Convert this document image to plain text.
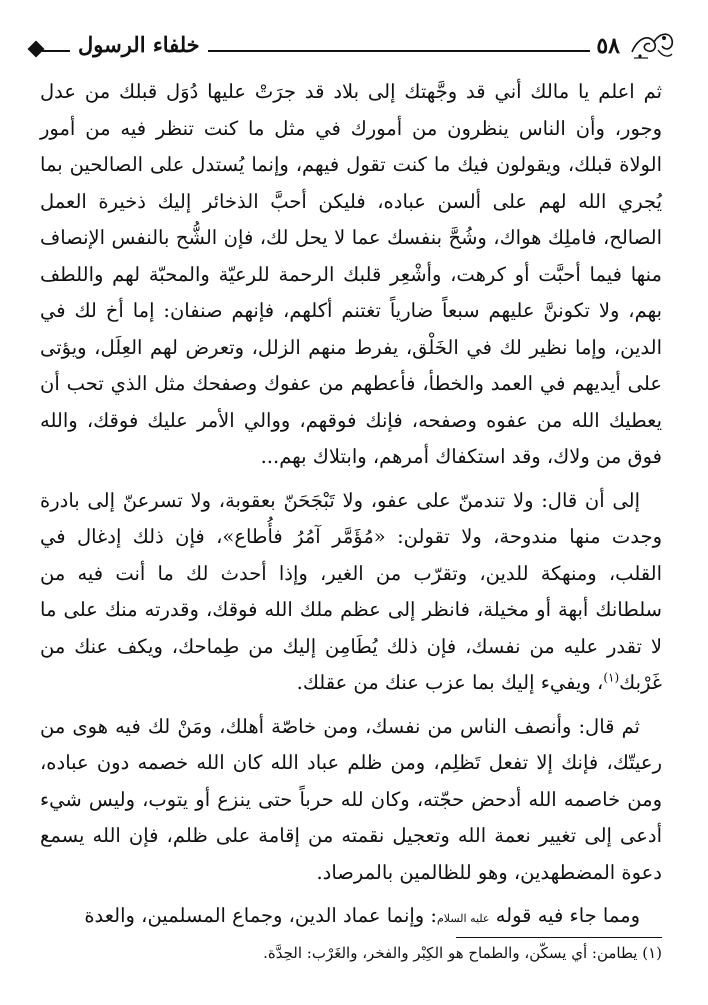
خلفاء الرسول	٥٨

ثم اعلم يا مالك أني قد وجَّهتك إلى بلاد قد جرَتْ عليها دُوَل قبلك من عدل وجور، وأن الناس ينظرون من أمورك في مثل ما كنت تنظر فيه من أمور الولاة قبلك، ويقولون فيك ما كنت تقول فيهم، وإنما يُستدل على الصالحين بما يُجري الله لهم على ألسن عباده، فليكن أحبَّ الذخائر إليك ذخيرة العمل الصالح، فاملِك هواك، وشُحَّ بنفسك عما لا يحل لك، فإن الشُّح بالنفس الإنصاف منها فيما أحبَّت أو كرهت، وأشْعِر قلبك الرحمة للرعيّة والمحبّة لهم واللطف بهم، ولا تكوننَّ عليهم سبعاً ضارياً تغتنم أكلهم، فإنهم صنفان: إما أخ لك في الدين، وإما نظير لك في الخَلْق، يفرط منهم الزلل، وتعرض لهم العِلَل، ويؤتى على أيديهم في العمد والخطأ، فأعطهم من عفوك وصفحك مثل الذي تحب أن يعطيك الله من عفوه وصفحه، فإنك فوقهم، ووالي الأمر عليك فوقك، والله فوق من ولاك، وقد استكفاك أمرهم، وابتلاك بهم...

إلى أن قال: ولا تندمنّ على عفو، ولا تَبْجَحَنّ بعقوبة، ولا تسرعنّ إلى بادرة وجدت منها مندوحة، ولا تقولن: «مُؤَمَّر آمُرُ فأُطاع»، فإن ذلك إدغال في القلب، ومنهكة للدين، وتقرّب من الغير، وإذا أحدث لك ما أنت فيه من سلطانك أبهة أو مخيلة، فانظر إلى عظم ملك الله فوقك، وقدرته منك على ما لا تقدر عليه من نفسك، فإن ذلك يُطَامِن إليك من طِماحك، ويكف عنك من غَرْبك$^{(١)}$، ويفيء إليك بما عزب عنك من عقلك.

ثم قال: وأنصف الناس من نفسك، ومن خاصّة أهلك، ومَنْ لك فيه هوى من رعيتّك، فإنك إلا تفعل تَظلِم، ومن ظلم عباد الله كان الله خصمه دون عباده، ومن خاصمه الله أدحض حجّته، وكان لله حرباً حتى ينزع أو يتوب، وليس شيء أدعى إلى تغيير نعمة الله وتعجيل نقمته من إقامة على ظلم، فإن الله يسمع دعوة المضطهدين، وهو للظالمين بالمرصاد.

ومما جاء فيه قوله عليه السلام: وإنما عماد الدين، وجماع المسلمين، والعدة

(١) يطامن: أي يسكّن، والطماح هو الكِبْر والفخر، والغَرْب: الحِدَّة.
